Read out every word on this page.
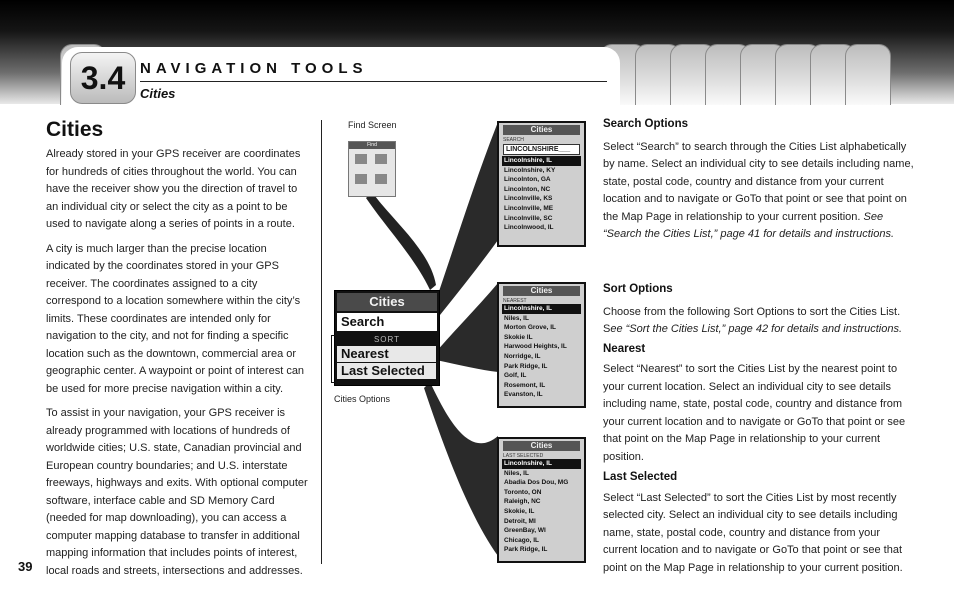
3.4 NAVIGATION TOOLS
Cities
Cities

Already stored in your GPS receiver are coordinates for hundreds of cities throughout the world. You can have the receiver show you the direction of travel to an individual city or select the city as a point to be used to navigate along a series of points in a route.

A city is much larger than the precise location indicated by the coordinates stored in your GPS receiver. The coordinates assigned to a city correspond to a location somewhere within the city’s limits. These coordinates are intended only for navigation to the city, and not for finding a specific location such as the downtown, commercial area or geographic center. A waypoint or point of interest can be used for more precise navigation within a city.

To assist in your navigation, your GPS receiver is already programmed with locations of hundreds of worldwide cities; U.S. state, Canadian provincial and European country boundaries; and U.S. interstate freeways, highways and exits. With optional computer software, interface cable and SD Memory Card (needed for map downloading), you can access a computer mapping database to transfer in additional mapping information that includes points of interest, local roads and streets, intersections and addresses.

39
Find Screen
Find
Cities
Search
SORT
Nearest
Last Selected
Cities Options
Cities
SEARCH
LINCOLNSHIRE___
Lincolnshire, IL
Lincolnshire, KY
Lincolnton, GA
Lincolnton, NC
Lincolnville, KS
Lincolnville, ME
Lincolnville, SC
Lincolnwood, IL
Cities
NEAREST
Lincolnshire, IL
Niles, IL
Morton Grove, IL
Skokie IL
Harwood Heights, IL
Norridge, IL
Park Ridge, IL
Golf, IL
Rosemont, IL
Evanston, IL
Cities
LAST SELECTED
Lincolnshire, IL
Niles, IL
Abadia Dos Dou, MG
Toronto, ON
Raleigh, NC
Skokie, IL
Detroit, MI
GreenBay, WI
Chicago, IL
Park Ridge, IL
Search Options

Select “Search” to search through the Cities List alphabetically by name. Select an individual city to see details including name, state, postal code, country and distance from your current location and to navigate or GoTo that point or see that point on the Map Page in relationship to your current position. See “Search the Cities List,” page 41 for details and instructions.

Sort Options

Choose from the following Sort Options to sort the Cities List. See “Sort the Cities List,” page 42 for details and instructions.

Nearest

Select “Nearest” to sort the Cities List by the nearest point to your current location. Select an individual city to see details including name, state, postal code, country and distance from your current location and to navigate or GoTo that point or see that point on the Map Page in relationship to your current position.

Last Selected

Select “Last Selected” to sort the Cities List by most recently selected city. Select an individual city to see details including name, state, postal code, country and distance from your current location and to navigate or GoTo that point or see that point on the Map Page in relationship to your current position.
